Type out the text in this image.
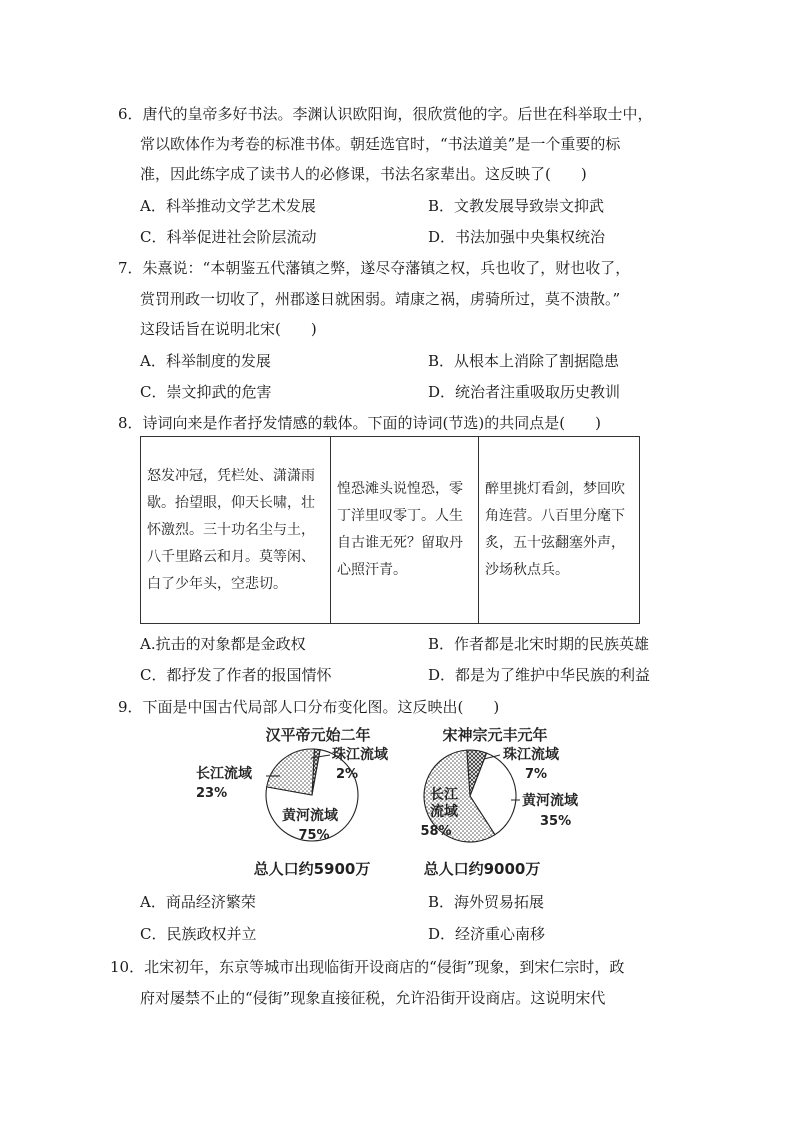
6．唐代的皇帝多好书法。李渊认识欧阳询，很欣赏他的字。后世在科举取士中，
常以欧体作为考卷的标准书体。朝廷选官时，“书法道美”是一个重要的标
准，因此练字成了读书人的必修课，书法名家辈出。这反映了(　　)
A．科举推动文学艺术发展	B．文教发展导致崇文抑武
C．科举促进社会阶层流动	D．书法加强中央集权统治
7．朱熹说：“本朝鉴五代藩镇之弊，遂尽夺藩镇之权，兵也收了，财也收了，
赏罚刑政一切收了，州郡遂日就困弱。靖康之祸，虏骑所过，莫不溃散。”
这段话旨在说明北宋(　　)
A．科举制度的发展	B．从根本上消除了割据隐患
C．崇文抑武的危害	D．统治者注重吸取历史教训
8．诗词向来是作者抒发情感的载体。下面的诗词(节选)的共同点是(　　)
怒发冲冠，凭栏处、潇潇雨歇。抬望眼，仰天长啸，壮怀激烈。三十功名尘与土，八千里路云和月。莫等闲、白了少年头，空悲切。
惶恐滩头说惶恐，零丁洋里叹零丁。人生自古谁无死？留取丹心照汗青。
醉里挑灯看剑，梦回吹角连营。八百里分麾下炙，五十弦翻塞外声，沙场秋点兵。
A.抗击的对象都是金政权	B．作者都是北宋时期的民族英雄
C．都抒发了作者的报国情怀	D．都是为了维护中华民族的利益
9．下面是中国古代局部人口分布变化图。这反映出(　　)
汉平帝元始二年
长江流域
23%
珠江流域
2%
黄河流域
75%
总人口约5900万
宋神宗元丰元年
珠江流域
7%
黄河流域
35%
长江
流域
58%
总人口约9000万
A．商品经济繁荣	B．海外贸易拓展
C．民族政权并立	D．经济重心南移
10．北宋初年，东京等城市出现临街开设商店的“侵街”现象，到宋仁宗时，政
府对屡禁不止的“侵街”现象直接征税，允许沿街开设商店。这说明宋代
